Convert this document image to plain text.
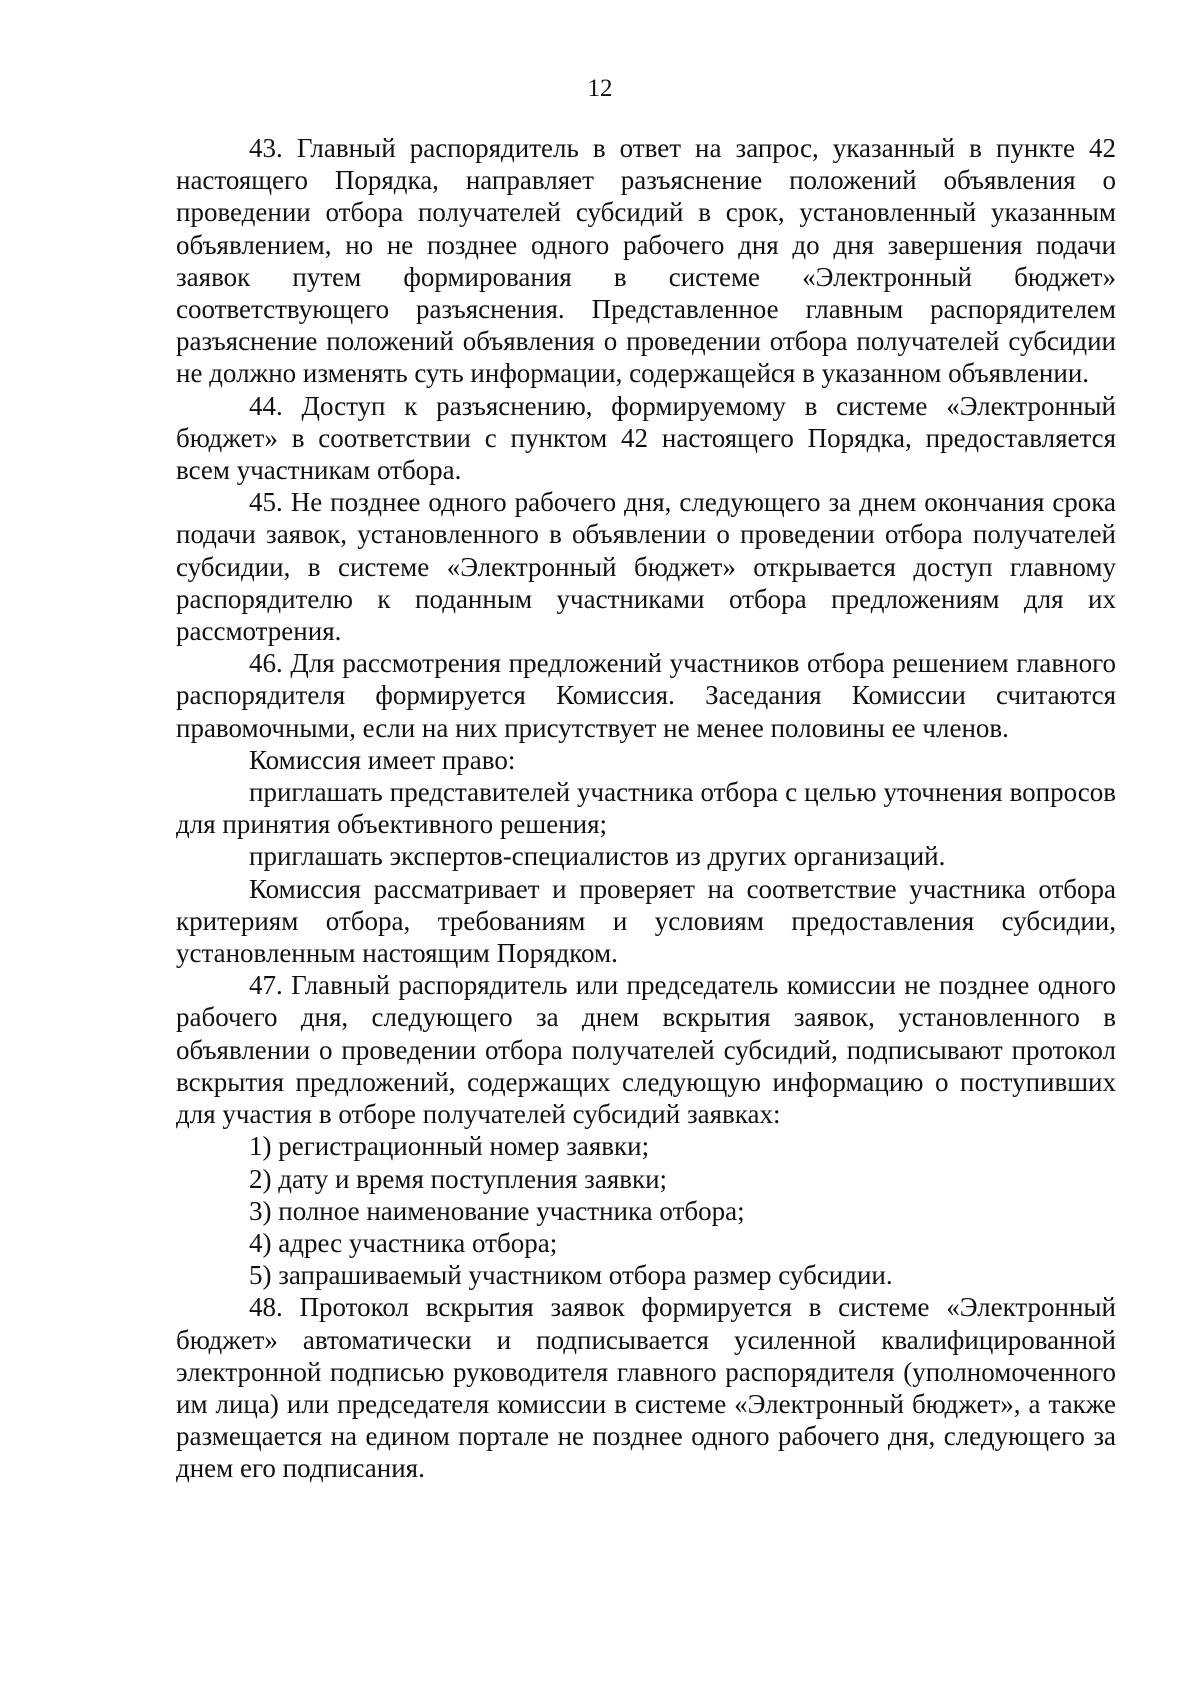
12

43. Главный распорядитель в ответ на запрос, указанный в пункте 42 настоящего Порядка, направляет разъяснение положений объявления о проведении отбора получателей субсидий в срок, установленный указанным объявлением, но не позднее одного рабочего дня до дня завершения подачи заявок путем формирования в системе «Электронный бюджет» соответствующего разъяснения. Представленное главным распорядителем разъяснение положений объявления о проведении отбора получателей субсидии не должно изменять суть информации, содержащейся в указанном объявлении.

44. Доступ к разъяснению, формируемому в системе «Электронный бюджет» в соответствии с пунктом 42 настоящего Порядка, предоставляется всем участникам отбора.

45. Не позднее одного рабочего дня, следующего за днем окончания срока подачи заявок, установленного в объявлении о проведении отбора получателей субсидии, в системе «Электронный бюджет» открывается доступ главному распорядителю к поданным участниками отбора предложениям для их рассмотрения.

46. Для рассмотрения предложений участников отбора решением главного распорядителя формируется Комиссия. Заседания Комиссии считаются правомочными, если на них присутствует не менее половины ее членов.

Комиссия имеет право:

приглашать представителей участника отбора с целью уточнения вопросов для принятия объективного решения;

приглашать экспертов-специалистов из других организаций.

Комиссия рассматривает и проверяет на соответствие участника отбора критериям отбора, требованиям и условиям предоставления субсидии, установленным настоящим Порядком.

47. Главный распорядитель или председатель комиссии не позднее одного рабочего дня, следующего за днем вскрытия заявок, установленного в объявлении о проведении отбора получателей субсидий, подписывают протокол вскрытия предложений, содержащих следующую информацию о поступивших для участия в отборе получателей субсидий заявках:

1) регистрационный номер заявки;

2) дату и время поступления заявки;

3) полное наименование участника отбора;

4) адрес участника отбора;

5) запрашиваемый участником отбора размер субсидии.

48. Протокол вскрытия заявок формируется в системе «Электронный бюджет» автоматически и подписывается усиленной квалифицированной электронной подписью руководителя главного распорядителя (уполномоченного им лица) или председателя комиссии в системе «Электронный бюджет», а также размещается на едином портале не позднее одного рабочего дня, следующего за днем его подписания.
